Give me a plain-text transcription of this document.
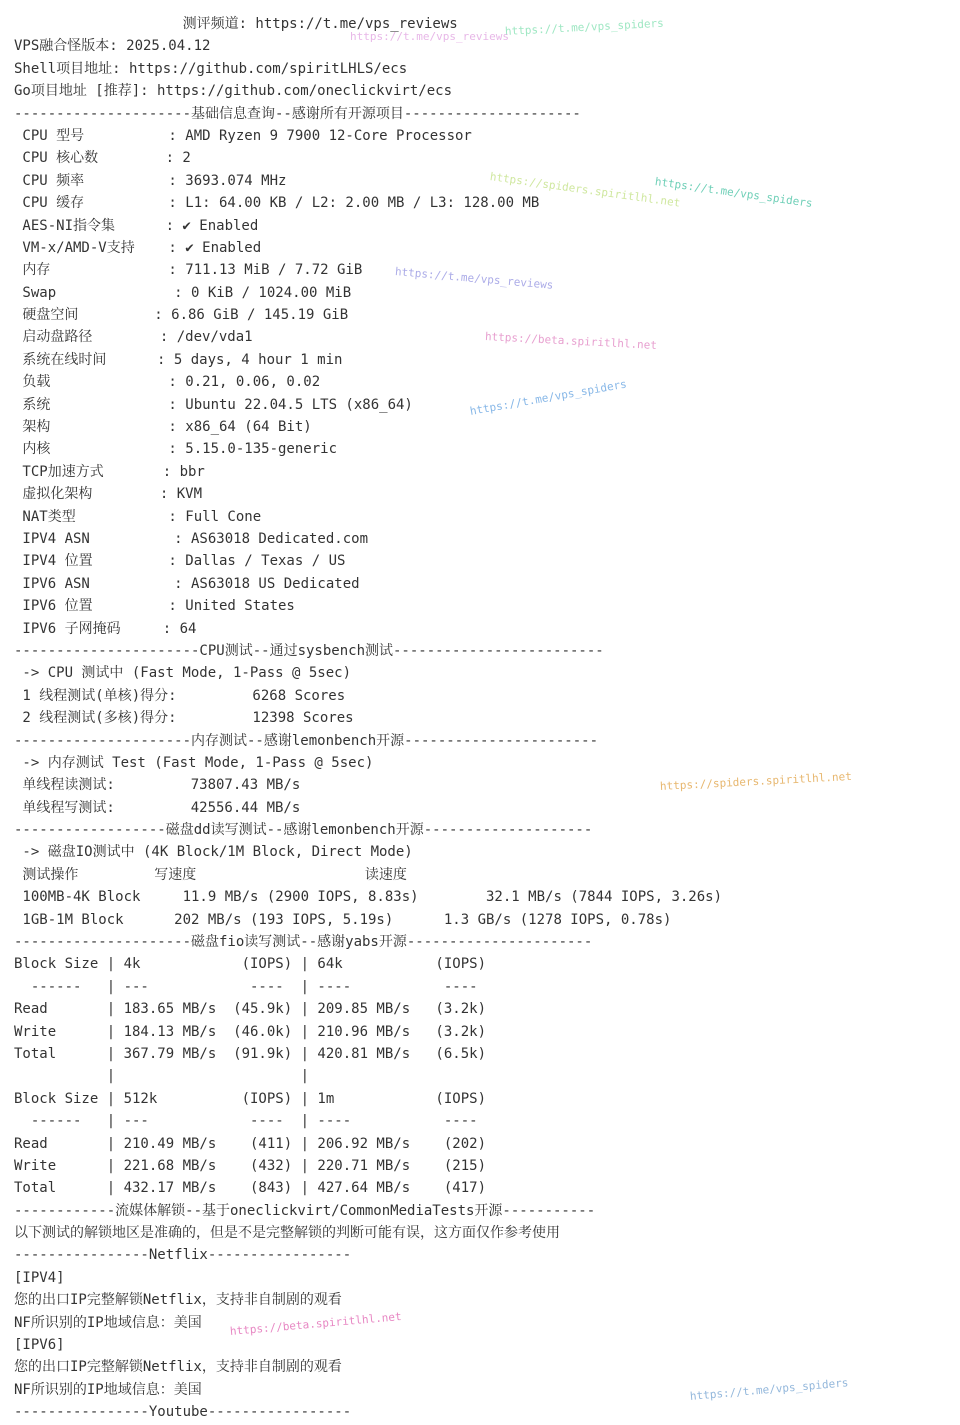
测评频道: https://t.me/vps_reviews
VPS融合怪版本: 2025.04.12
Shell项目地址: https://github.com/spiritLHLS/ecs
Go项目地址 [推荐]: https://github.com/oneclickvirt/ecs
---------------------基础信息查询--感谢所有开源项目---------------------
CPU 型号          : AMD Ryzen 9 7900 12-Core Processor
CPU 核心数        : 2
CPU 频率          : 3693.074 MHz
CPU 缓存          : L1: 64.00 KB / L2: 2.00 MB / L3: 128.00 MB
AES-NI指令集      : ✔ Enabled
VM-x/AMD-V支持    : ✔ Enabled
内存              : 711.13 MiB / 7.72 GiB
Swap              : 0 KiB / 1024.00 MiB
硬盘空间         : 6.86 GiB / 145.19 GiB
启动盘路径        : /dev/vda1
系统在线时间      : 5 days, 4 hour 1 min
负载              : 0.21, 0.06, 0.02
系统              : Ubuntu 22.04.5 LTS (x86_64)
架构              : x86_64 (64 Bit)
内核              : 5.15.0-135-generic
TCP加速方式       : bbr
虚拟化架构        : KVM
NAT类型           : Full Cone
IPV4 ASN          : AS63018 Dedicated.com
IPV4 位置         : Dallas / Texas / US
IPV6 ASN          : AS63018 US Dedicated
IPV6 位置         : United States
IPV6 子网掩码     : 64
----------------------CPU测试--通过sysbench测试-------------------------
-> CPU 测试中 (Fast Mode, 1-Pass @ 5sec)
1 线程测试(单核)得分:         6268 Scores
2 线程测试(多核)得分:         12398 Scores
---------------------内存测试--感谢lemonbench开源-----------------------
-> 内存测试 Test (Fast Mode, 1-Pass @ 5sec)
单线程读测试:         73807.43 MB/s
单线程写测试:         42556.44 MB/s
------------------磁盘dd读写测试--感谢lemonbench开源--------------------
-> 磁盘IO测试中 (4K Block/1M Block, Direct Mode)
测试操作         写速度                    读速度
100MB-4K Block     11.9 MB/s (2900 IOPS, 8.83s)        32.1 MB/s (7844 IOPS, 3.26s)
1GB-1M Block      202 MB/s (193 IOPS, 5.19s)      1.3 GB/s (1278 IOPS, 0.78s)
---------------------磁盘fio读写测试--感谢yabs开源----------------------
Block Size | 4k            (IOPS) | 64k           (IOPS)
------   | ---            ----  | ----           ----
Read       | 183.65 MB/s  (45.9k) | 209.85 MB/s   (3.2k)
Write      | 184.13 MB/s  (46.0k) | 210.96 MB/s   (3.2k)
Total      | 367.79 MB/s  (91.9k) | 420.81 MB/s   (6.5k)
|                      |
Block Size | 512k          (IOPS) | 1m            (IOPS)
------   | ---            ----  | ----           ----
Read       | 210.49 MB/s    (411) | 206.92 MB/s    (202)
Write      | 221.68 MB/s    (432) | 220.71 MB/s    (215)
Total      | 432.17 MB/s    (843) | 427.64 MB/s    (417)
------------流媒体解锁--基于oneclickvirt/CommonMediaTests开源-----------
以下测试的解锁地区是准确的，但是不是完整解锁的判断可能有误，这方面仅作参考使用
----------------Netflix-----------------
[IPV4]
您的出口IP完整解锁Netflix，支持非自制剧的观看
NF所识别的IP地域信息：美国
[IPV6]
您的出口IP完整解锁Netflix，支持非自制剧的观看
NF所识别的IP地域信息：美国
----------------Youtube-----------------
https://t.me/vps_spiders
https://t.me/vps_reviews
https://spiders.spiritlhl.net
https://t.me/vps_spiders
https://t.me/vps_reviews
https://beta.spiritlhl.net
https://t.me/vps_spiders
https://spiders.spiritlhl.net
https://beta.spiritlhl.net
https://t.me/vps_spiders
